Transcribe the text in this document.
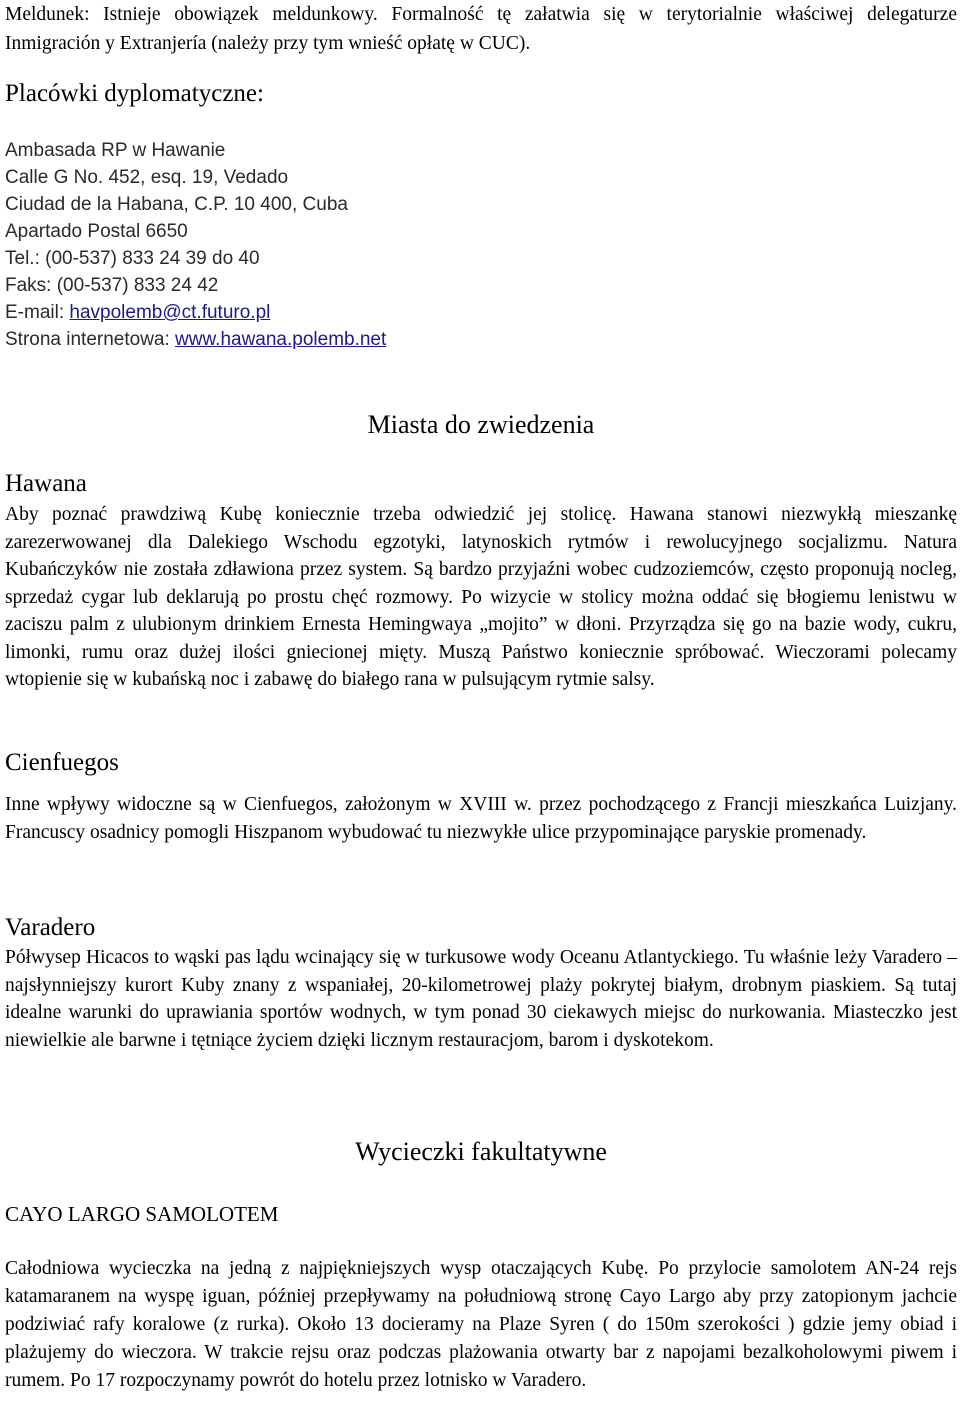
Meldunek: Istnieje obowiązek meldunkowy. Formalność tę załatwia się w terytorialnie właściwej delegaturze Inmigración y Extranjería (należy przy tym wnieść opłatę w CUC).
Placówki dyplomatyczne:
Ambasada RP w Hawanie
Calle G No. 452, esq. 19, Vedado
Ciudad de la Habana, C.P. 10 400, Cuba
Apartado Postal 6650
Tel.: (00-537) 833 24 39 do 40
Faks: (00-537) 833 24 42
E-mail: havpolemb@ct.futuro.pl
Strona internetowa: www.hawana.polemb.net
Miasta do zwiedzenia
Hawana
Aby poznać prawdziwą Kubę koniecznie trzeba odwiedzić jej stolicę. Hawana stanowi niezwykłą mieszankę zarezerwowanej dla Dalekiego Wschodu egzotyki, latynoskich rytmów i rewolucyjnego socjalizmu. Natura Kubańczyków nie została zdławiona przez system. Są bardzo przyjaźni wobec cudzoziemców, często proponują nocleg, sprzedaż cygar lub deklarują po prostu chęć rozmowy. Po wizycie w stolicy można oddać się błogiemu lenistwu w zaciszu palm z ulubionym drinkiem Ernesta Hemingwaya „mojito” w dłoni. Przyrządza się go na bazie wody, cukru, limonki, rumu oraz dużej ilości gniecionej mięty. Muszą Państwo koniecznie spróbować. Wieczorami polecamy wtopienie się w kubańską noc i zabawę do białego rana w pulsującym rytmie salsy.
Cienfuegos
Inne wpływy widoczne są w Cienfuegos, założonym w XVIII w. przez pochodzącego z Francji mieszkańca Luizjany. Francuscy osadnicy pomogli Hiszpanom wybudować tu niezwykłe ulice przypominające paryskie promenady.
Varadero
Półwysep Hicacos to wąski pas lądu wcinający się w turkusowe wody Oceanu Atlantyckiego. Tu właśnie leży Varadero – najsłynniejszy kurort Kuby znany z wspaniałej, 20-kilometrowej plaży pokrytej białym, drobnym piaskiem. Są tutaj idealne warunki do uprawiania sportów wodnych, w tym ponad 30 ciekawych miejsc do nurkowania. Miasteczko jest niewielkie ale barwne i tętniące życiem dzięki licznym restauracjom, barom i dyskotekom.
Wycieczki fakultatywne
CAYO LARGO SAMOLOTEM
Całodniowa wycieczka na jedną z najpiękniejszych wysp otaczających Kubę. Po przylocie samolotem AN-24 rejs katamaranem na wyspę iguan, później przepływamy na południową stronę Cayo Largo aby przy zatopionym jachcie podziwiać rafy koralowe (z rurka). Około 13 docieramy na Plaze Syren ( do 150m szerokości ) gdzie jemy obiad i plażujemy do wieczora. W trakcie rejsu oraz podczas plażowania otwarty bar z napojami bezalkoholowymi piwem i rumem. Po 17 rozpoczynamy powrót do hotelu przez lotnisko w Varadero.
